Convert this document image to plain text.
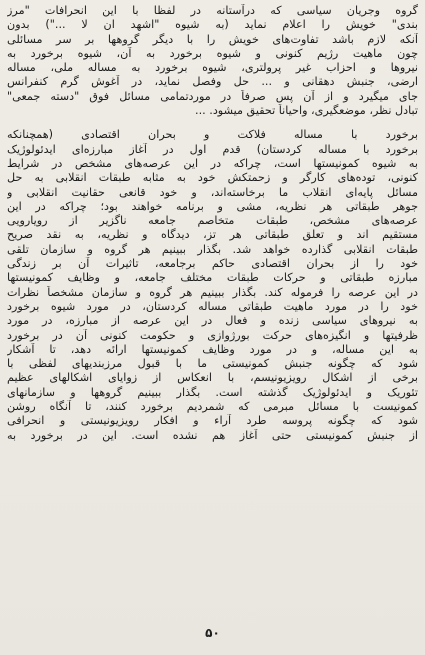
گروه وجریان سیاسی که درآستانه در لفظا با این انحرافات "مرز
بندی" خویش را اعلام نماید (به شیوه "اشهد ان لا ...") بدون
آنکه لازم باشد تفاوت‌های خویش را با دیگر گروهها بر سر مسائلی
چون ماهیت رژیم کنونی و شیوه برخورد به آن، شیوه برخورد به
نیروها و احزاب غیر پرولتری، شیوه برخورد به مساله ملی، مساله
ارضی، جنبش دهقانی و ... حل وفصل نماید، در آغوش گرم کنفرانس
جای میگیرد و از آن پس صرفاً در موردتمامی مسائل فوق "دسته جمعی"
تبادل نظر، موضعگیری، واحیاناً تحقیق میشود. ...
برخورد با مساله فلاکت و بحران اقتصادی (همچنانکه
برخورد با مساله کردستان) قدم اول در آغاز مبارزه‌ای ایدئولوژیک
به شیوه کمونیستها است، چراکه در این عرصه‌های مشخص در شرایط
کنونی، توده‌های کارگر و زحمتکش خود به مثابه طبقات انقلابی به حل
مسائل پایه‌ای انقلاب ما برخاسته‌اند، و خود قانعی حقانیت انقلابی و
جوهر طبقاتی هر نظریه، مشی و برنامه خواهند بود؛ چراکه در این
عرصه‌های مشخص، طبقات متخاصم جامعه ناگزیر از رویارویی
مستقیم اند و تعلق طبقاتی هر تز، دیدگاه و نظریه، به نقد صریح
طبقات انقلابی گذارده خواهد شد. بگذار ببینیم هر گروه و سازمان تلقی
خود را از بحران اقتصادی حاکم برجامعه، تاثیرات آن بر زندگی
مبارزه طبقاتی و حرکات طبقات مختلف جامعه، و وظایف کمونیستها
در این عرصه را فرموله کند. بگذار ببینیم هر گروه و سازمان مشخصاً نظرات
خود را در مورد ماهیت طبقاتی مساله کردستان، در مورد شیوه برخورد
به نیروهای سیاسی زنده و فعال در این عرصه از مبارزه، در مورد
ظرفیتها و انگیزه‌های حرکت بورژوازی و حکومت کنونی آن در برخورد
به این مساله، و در مورد وظایف کمونیستها ارائه دهد، تا آشکار
شود که چگونه جنبش کمونیستی ما با قبول مرزبندیهای لفظی با
برخی از اشکال رویزیونیسم، با انعکاس از زوایای اشکالهای عظیم
تئوریک و ایدئولوژیک گذشته است. بگذار ببینیم گروهها و سازمانهای
کمونیست با مسائل مبرمی که شمردیم برخورد کنند، تا آنگاه روشن
شود که چگونه پروسه طرد آراء و افکار رویزیونیستی و انحرافی
از جنبش کمونیستی حتی آغاز هم نشده است. این در برخورد به
۵۰
